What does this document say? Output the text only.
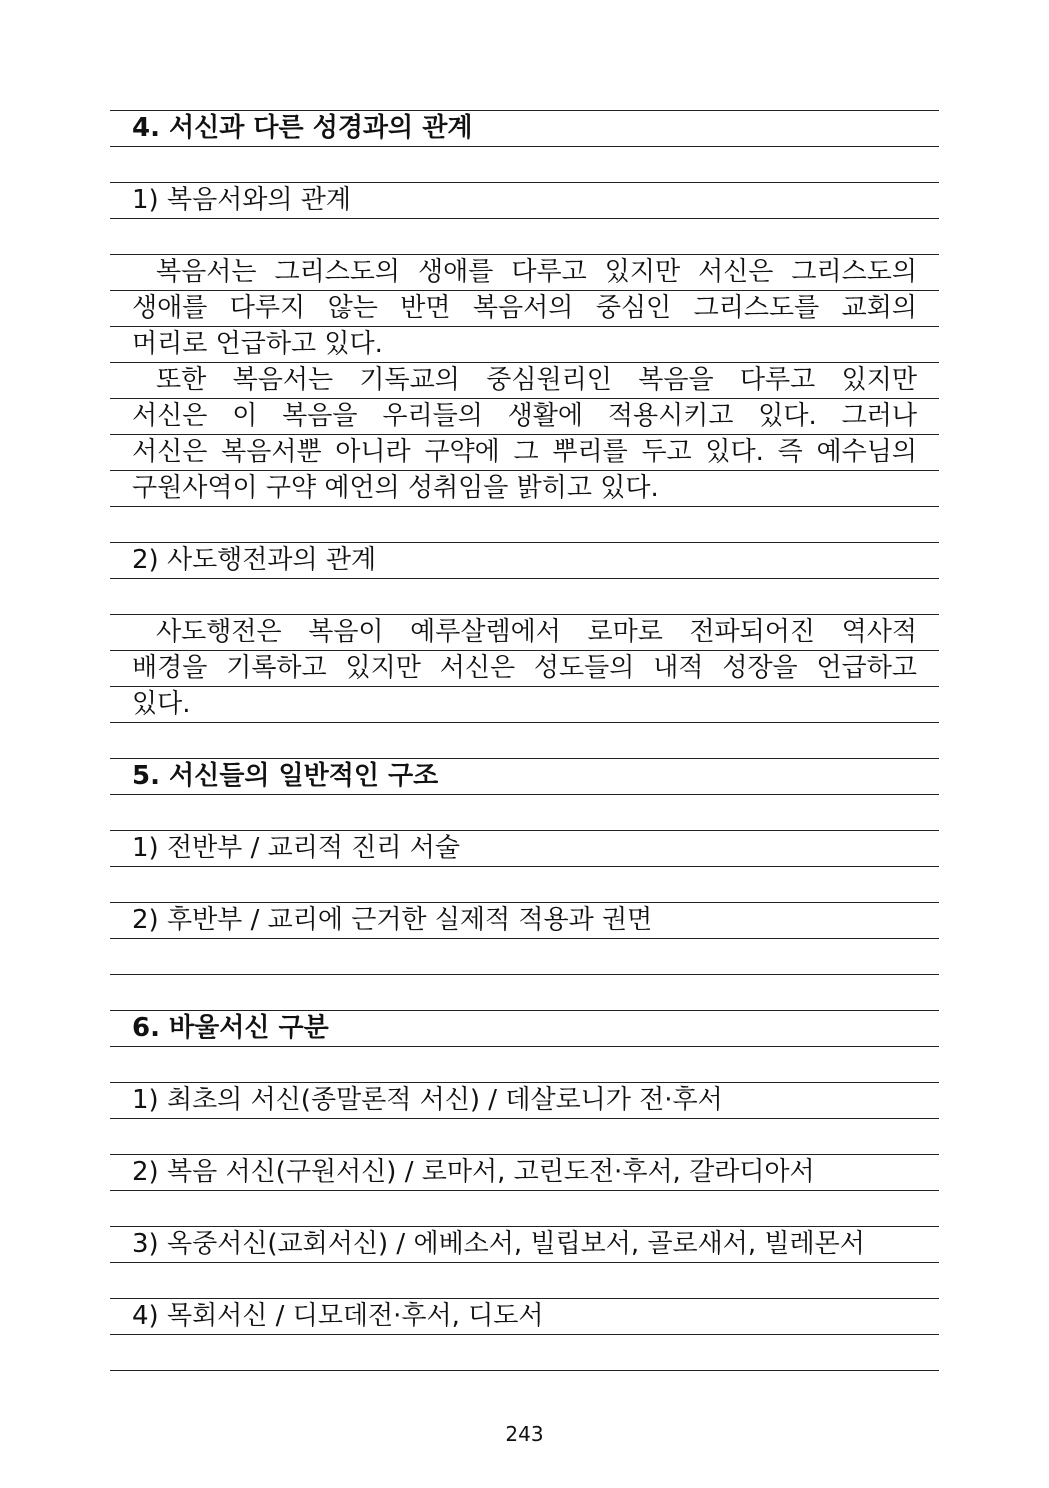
4. 서신과 다른 성경과의 관계
1) 복음서와의 관계
복음서는 그리스도의 생애를 다루고 있지만 서신은 그리스도의
생애를 다루지 않는 반면 복음서의 중심인 그리스도를 교회의
머리로 언급하고 있다.
또한 복음서는 기독교의 중심원리인 복음을 다루고 있지만
서신은 이 복음을 우리들의 생활에 적용시키고 있다. 그러나
서신은 복음서뿐 아니라 구약에 그 뿌리를 두고 있다. 즉 예수님의
구원사역이 구약 예언의 성취임을 밝히고 있다.
2) 사도행전과의 관계
사도행전은 복음이 예루살렘에서 로마로 전파되어진 역사적
배경을 기록하고 있지만 서신은 성도들의 내적 성장을 언급하고
있다.
5. 서신들의 일반적인 구조
1) 전반부 / 교리적 진리 서술
2) 후반부 / 교리에 근거한 실제적 적용과 권면
6. 바울서신 구분
1) 최초의 서신(종말론적 서신) / 데살로니가 전·후서
2) 복음 서신(구원서신) / 로마서, 고린도전·후서, 갈라디아서
3) 옥중서신(교회서신) / 에베소서, 빌립보서, 골로새서, 빌레몬서
4) 목회서신 / 디모데전·후서, 디도서
243
